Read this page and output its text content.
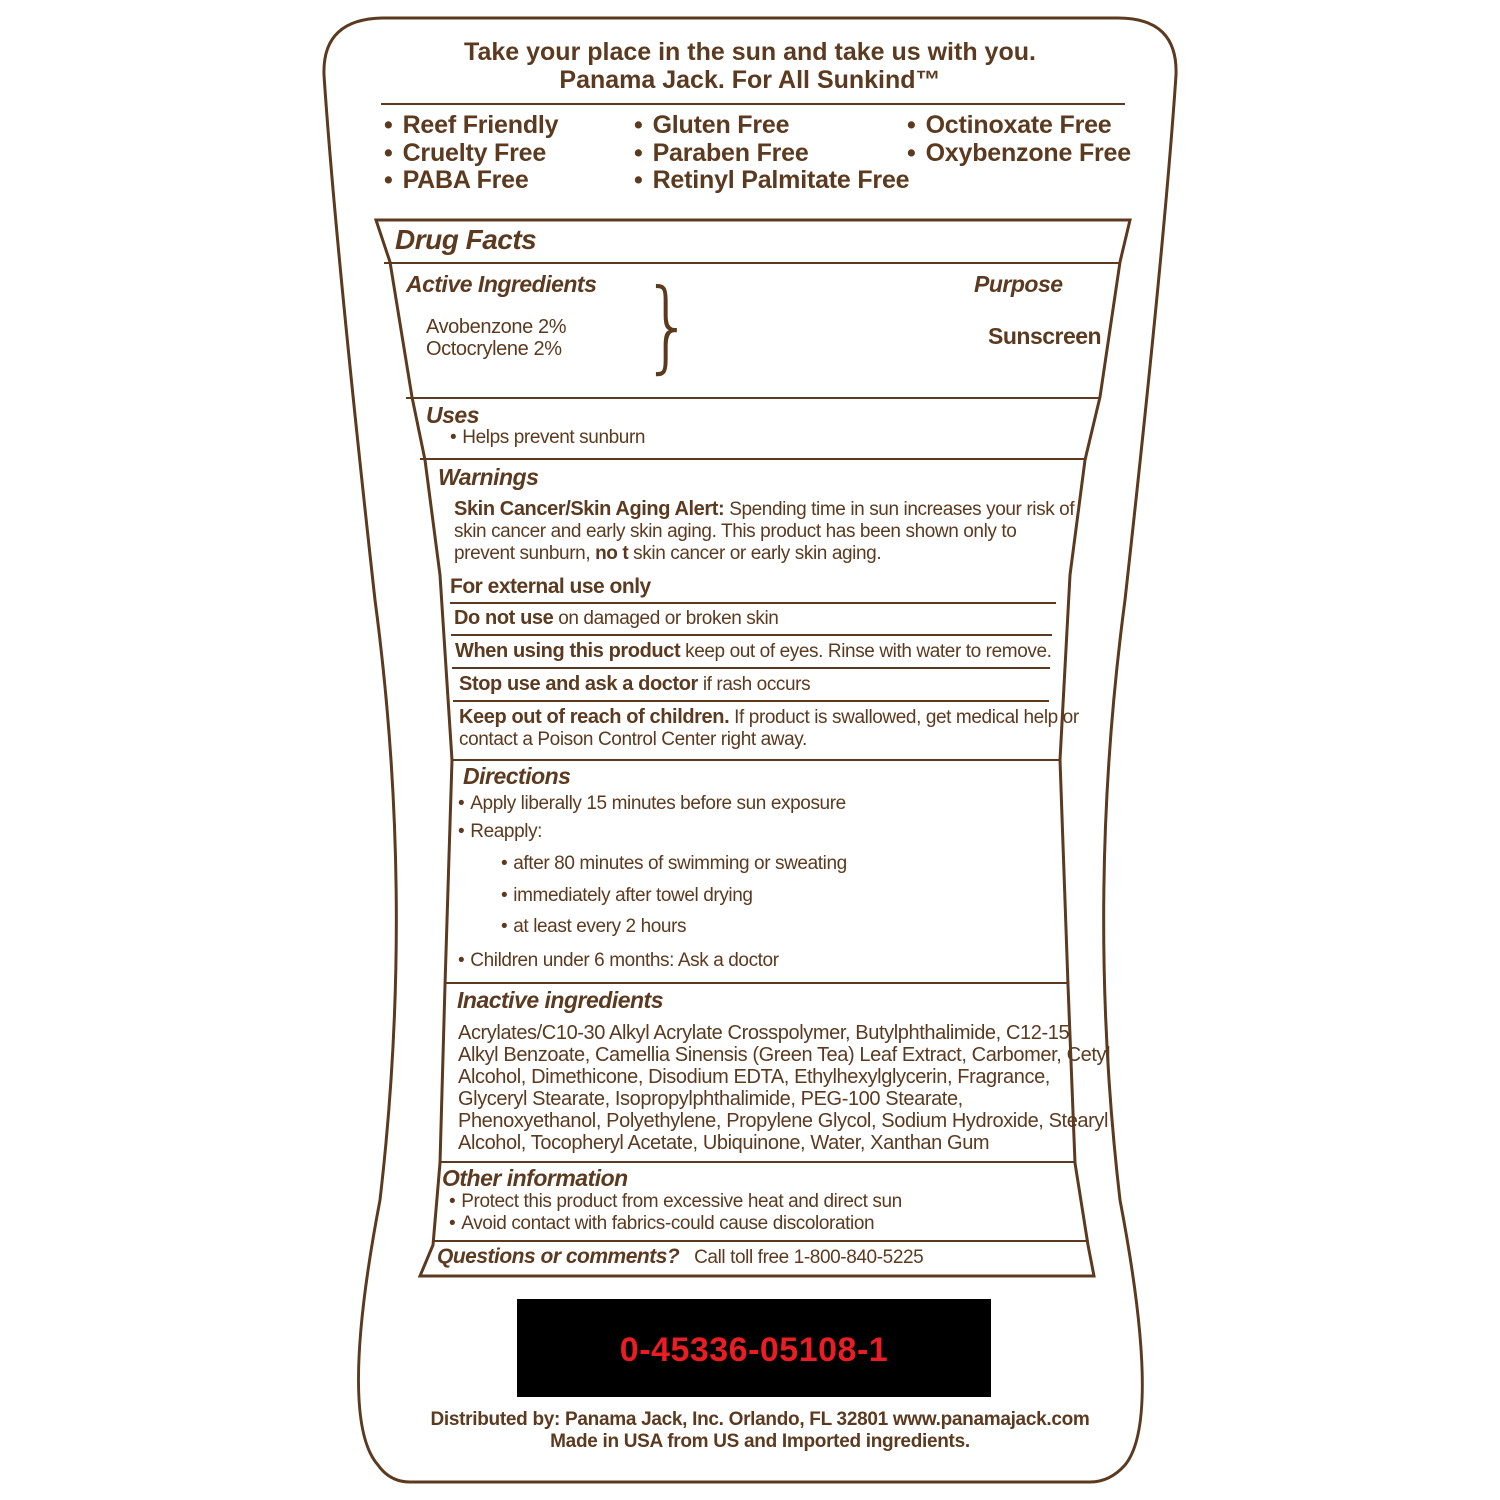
Take your place in the sun and take us with you.
Panama Jack. For All Sunkind™
• Reef Friendly
• Cruelty Free
• PABA Free
• Gluten Free
• Paraben Free
• Retinyl Palmitate Free
• Octinoxate Free
• Oxybenzone Free
Drug Facts
Active Ingredients	Purpose
Avobenzone 2%
Octocrylene 2% }	Sunscreen
Uses
• Helps prevent sunburn
Warnings
Skin Cancer/Skin Aging Alert: Spending time in sun increases your risk of
skin cancer and early skin aging. This product has been shown only to
prevent sunburn, no t skin cancer or early skin aging.
For external use only
Do not use on damaged or broken skin
When using this product keep out of eyes. Rinse with water to remove.
Stop use and ask a doctor if rash occurs
Keep out of reach of children. If product is swallowed, get medical help or
contact a Poison Control Center right away.
Directions
• Apply liberally 15 minutes before sun exposure
• Reapply:
• after 80 minutes of swimming or sweating
• immediately after towel drying
• at least every 2 hours
• Children under 6 months: Ask a doctor
Inactive ingredients
Acrylates/C10-30 Alkyl Acrylate Crosspolymer, Butylphthalimide, C12-15
Alkyl Benzoate, Camellia Sinensis (Green Tea) Leaf Extract, Carbomer, Cetyl
Alcohol, Dimethicone, Disodium EDTA, Ethylhexylglycerin, Fragrance,
Glyceryl Stearate, Isopropylphthalimide, PEG-100 Stearate,
Phenoxyethanol, Polyethylene, Propylene Glycol, Sodium Hydroxide, Stearyl
Alcohol, Tocopheryl Acetate, Ubiquinone, Water, Xanthan Gum
Other information
• Protect this product from excessive heat and direct sun
• Avoid contact with fabrics-could cause discoloration
Questions or comments? Call toll free 1-800-840-5225
0-45336-05108-1
Distributed by: Panama Jack, Inc. Orlando, FL 32801 www.panamajack.com
Made in USA from US and Imported ingredients.
